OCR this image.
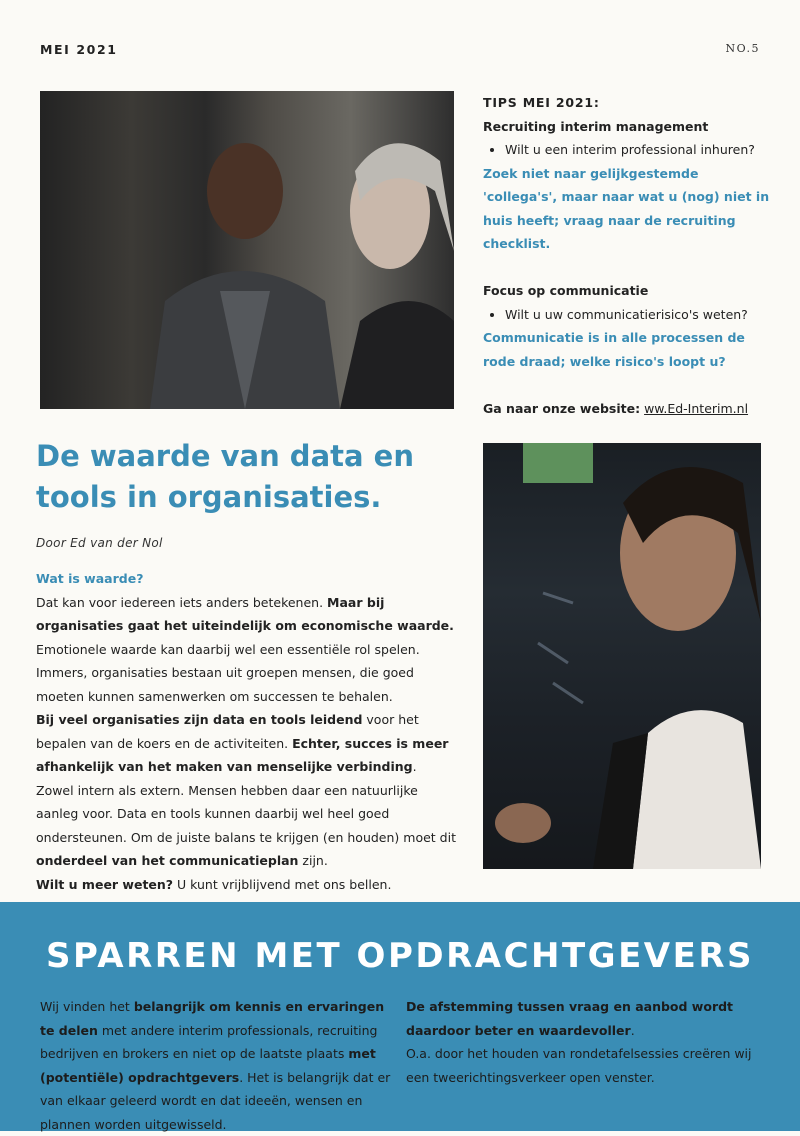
MEI 2021	NO.5
TIPS MEI 2021:
Recruiting interim management
• Wilt u een interim professional inhuren?
Zoek niet naar gelijkgestemde 'collega's', maar naar wat u (nog) niet in huis heeft; vraag naar de recruiting checklist.
Focus op communicatie
• Wilt u uw communicatierisico's weten?
Communicatie is in alle processen de rode draad; welke risico's loopt u?
Ga naar onze website: ww.Ed-Interim.nl
De waarde van data en tools in organisaties.
Door Ed van der Nol
Wat is waarde?
Dat kan voor iedereen iets anders betekenen. Maar bij organisaties gaat het uiteindelijk om economische waarde. Emotionele waarde kan daarbij wel een essentiële rol spelen. Immers, organisaties bestaan uit groepen mensen, die goed moeten kunnen samenwerken om successen te behalen.
Bij veel organisaties zijn data en tools leidend voor het bepalen van de koers en de activiteiten. Echter, succes is meer afhankelijk van het maken van menselijke verbinding. Zowel intern als extern. Mensen hebben daar een natuurlijke aanleg voor. Data en tools kunnen daarbij wel heel goed ondersteunen. Om de juiste balans te krijgen (en houden) moet dit onderdeel van het communicatieplan zijn.
Wilt u meer weten? U kunt vrijblijvend met ons bellen.
SPARREN MET OPDRACHTGEVERS
Wij vinden het belangrijk om kennis en ervaringen te delen met andere interim professionals, recruiting bedrijven en brokers en niet op de laatste plaats met (potentiële) opdrachtgevers. Het is belangrijk dat er van elkaar geleerd wordt en dat ideeën, wensen en plannen worden uitgewisseld.
De afstemming tussen vraag en aanbod wordt daardoor beter en waardevoller.
O.a. door het houden van rondetafelsessies creëren wij een tweerichtingsverkeer open venster.
